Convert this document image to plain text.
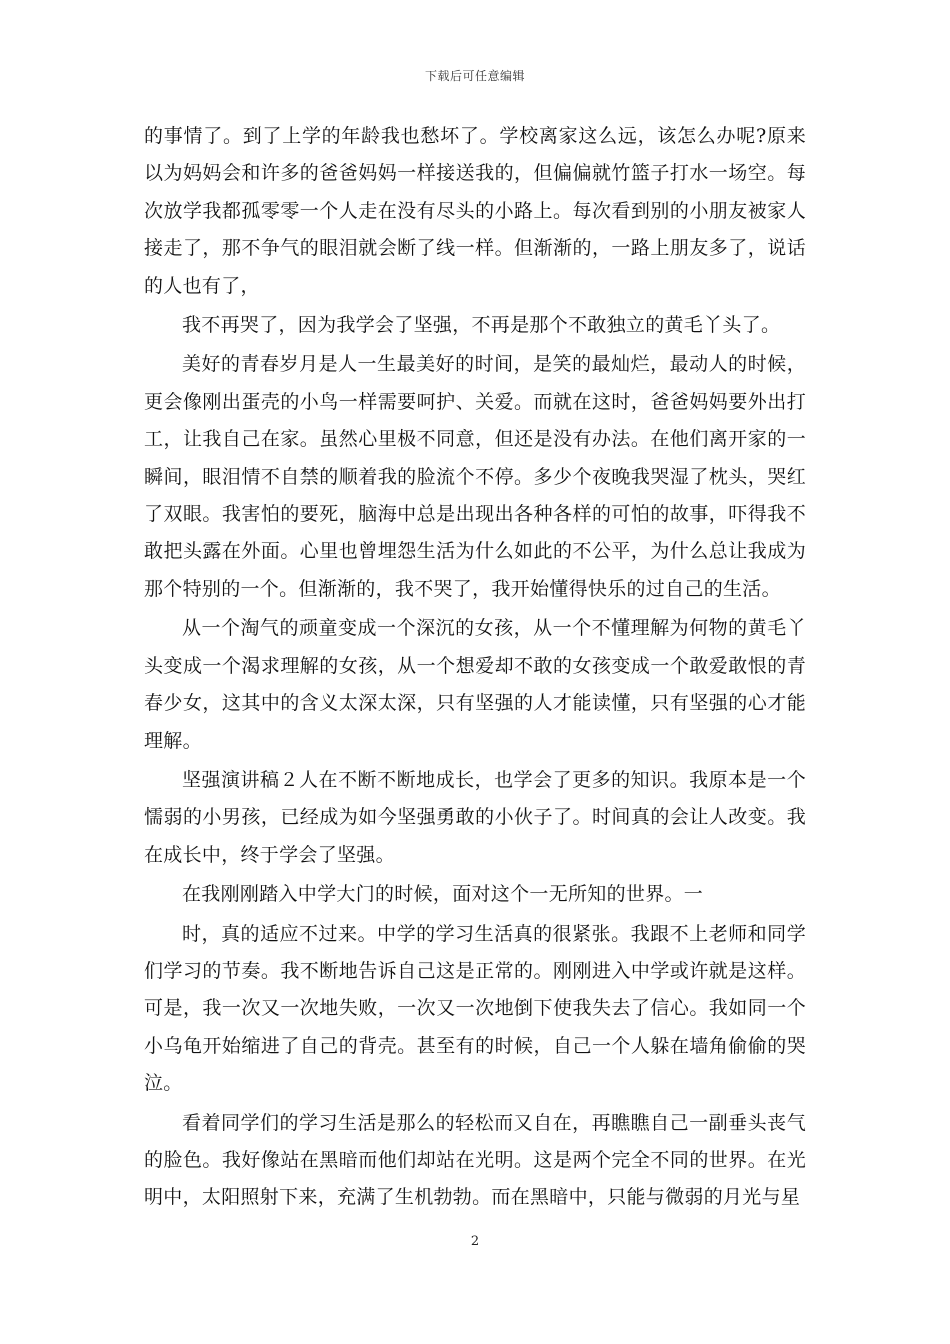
下载后可任意编辑

的事情了。到了上学的年龄我也愁坏了。学校离家这么远，该怎么办呢?原来以为妈妈会和许多的爸爸妈妈一样接送我的，但偏偏就竹篮子打水一场空。每次放学我都孤零零一个人走在没有尽头的小路上。每次看到别的小朋友被家人接走了，那不争气的眼泪就会断了线一样。但渐渐的，一路上朋友多了，说话的人也有了，

我不再哭了，因为我学会了坚强，不再是那个不敢独立的黄毛丫头了。

美好的青春岁月是人一生最美好的时间，是笑的最灿烂，最动人的时候，更会像刚出蛋壳的小鸟一样需要呵护、关爱。而就在这时，爸爸妈妈要外出打工，让我自己在家。虽然心里极不同意，但还是没有办法。在他们离开家的一瞬间，眼泪情不自禁的顺着我的脸流个不停。多少个夜晚我哭湿了枕头，哭红了双眼。我害怕的要死，脑海中总是出现出各种各样的可怕的故事，吓得我不敢把头露在外面。心里也曾埋怨生活为什么如此的不公平，为什么总让我成为那个特别的一个。但渐渐的，我不哭了，我开始懂得快乐的过自己的生活。

从一个淘气的顽童变成一个深沉的女孩，从一个不懂理解为何物的黄毛丫头变成一个渴求理解的女孩，从一个想爱却不敢的女孩变成一个敢爱敢恨的青春少女，这其中的含义太深太深，只有坚强的人才能读懂，只有坚强的心才能理解。

坚强演讲稿２人在不断不断地成长，也学会了更多的知识。我原本是一个懦弱的小男孩，已经成为如今坚强勇敢的小伙子了。时间真的会让人改变。我在成长中，终于学会了坚强。

在我刚刚踏入中学大门的时候，面对这个一无所知的世界。一

时，真的适应不过来。中学的学习生活真的很紧张。我跟不上老师和同学们学习的节奏。我不断地告诉自己这是正常的。刚刚进入中学或许就是这样。可是，我一次又一次地失败，一次又一次地倒下使我失去了信心。我如同一个小乌龟开始缩进了自己的背壳。甚至有的时候，自己一个人躲在墙角偷偷的哭泣。

看着同学们的学习生活是那么的轻松而又自在，再瞧瞧自己一副垂头丧气的脸色。我好像站在黑暗而他们却站在光明。这是两个完全不同的世界。在光明中，太阳照射下来，充满了生机勃勃。而在黑暗中，只能与微弱的月光与星

2
